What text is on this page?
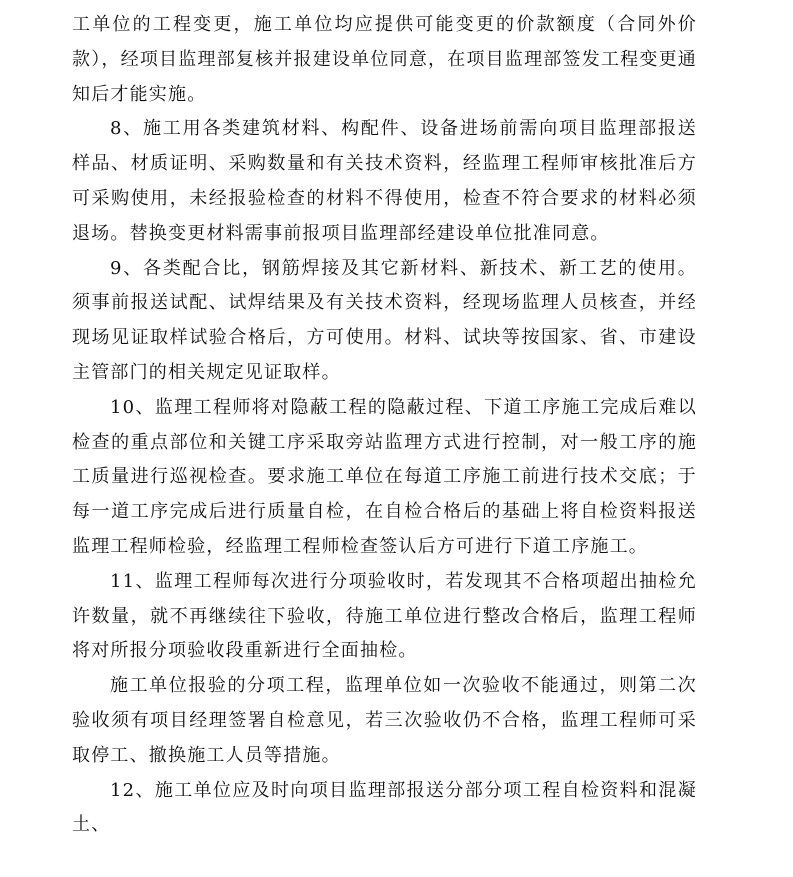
工单位的工程变更，施工单位均应提供可能变更的价款额度（合同外价款），经项目监理部复核并报建设单位同意，在项目监理部签发工程变更通知后才能实施。

8、施工用各类建筑材料、构配件、设备进场前需向项目监理部报送样品、材质证明、采购数量和有关技术资料，经监理工程师审核批准后方可采购使用，未经报验检查的材料不得使用，检查不符合要求的材料必须退场。替换变更材料需事前报项目监理部经建设单位批准同意。

9、各类配合比，钢筋焊接及其它新材料、新技术、新工艺的使用。须事前报送试配、试焊结果及有关技术资料，经现场监理人员核查，并经现场见证取样试验合格后，方可使用。材料、试块等按国家、省、市建设主管部门的相关规定见证取样。

10、监理工程师将对隐蔽工程的隐蔽过程、下道工序施工完成后难以检查的重点部位和关键工序采取旁站监理方式进行控制，对一般工序的施工质量进行巡视检查。要求施工单位在每道工序施工前进行技术交底；于每一道工序完成后进行质量自检，在自检合格后的基础上将自检资料报送监理工程师检验，经监理工程师检查签认后方可进行下道工序施工。

11、监理工程师每次进行分项验收时，若发现其不合格项超出抽检允许数量，就不再继续往下验收，待施工单位进行整改合格后，监理工程师将对所报分项验收段重新进行全面抽检。

施工单位报验的分项工程，监理单位如一次验收不能通过，则第二次验收须有项目经理签署自检意见，若三次验收仍不合格，监理工程师可采取停工、撤换施工人员等措施。

12、施工单位应及时向项目监理部报送分部分项工程自检资料和混凝土、
